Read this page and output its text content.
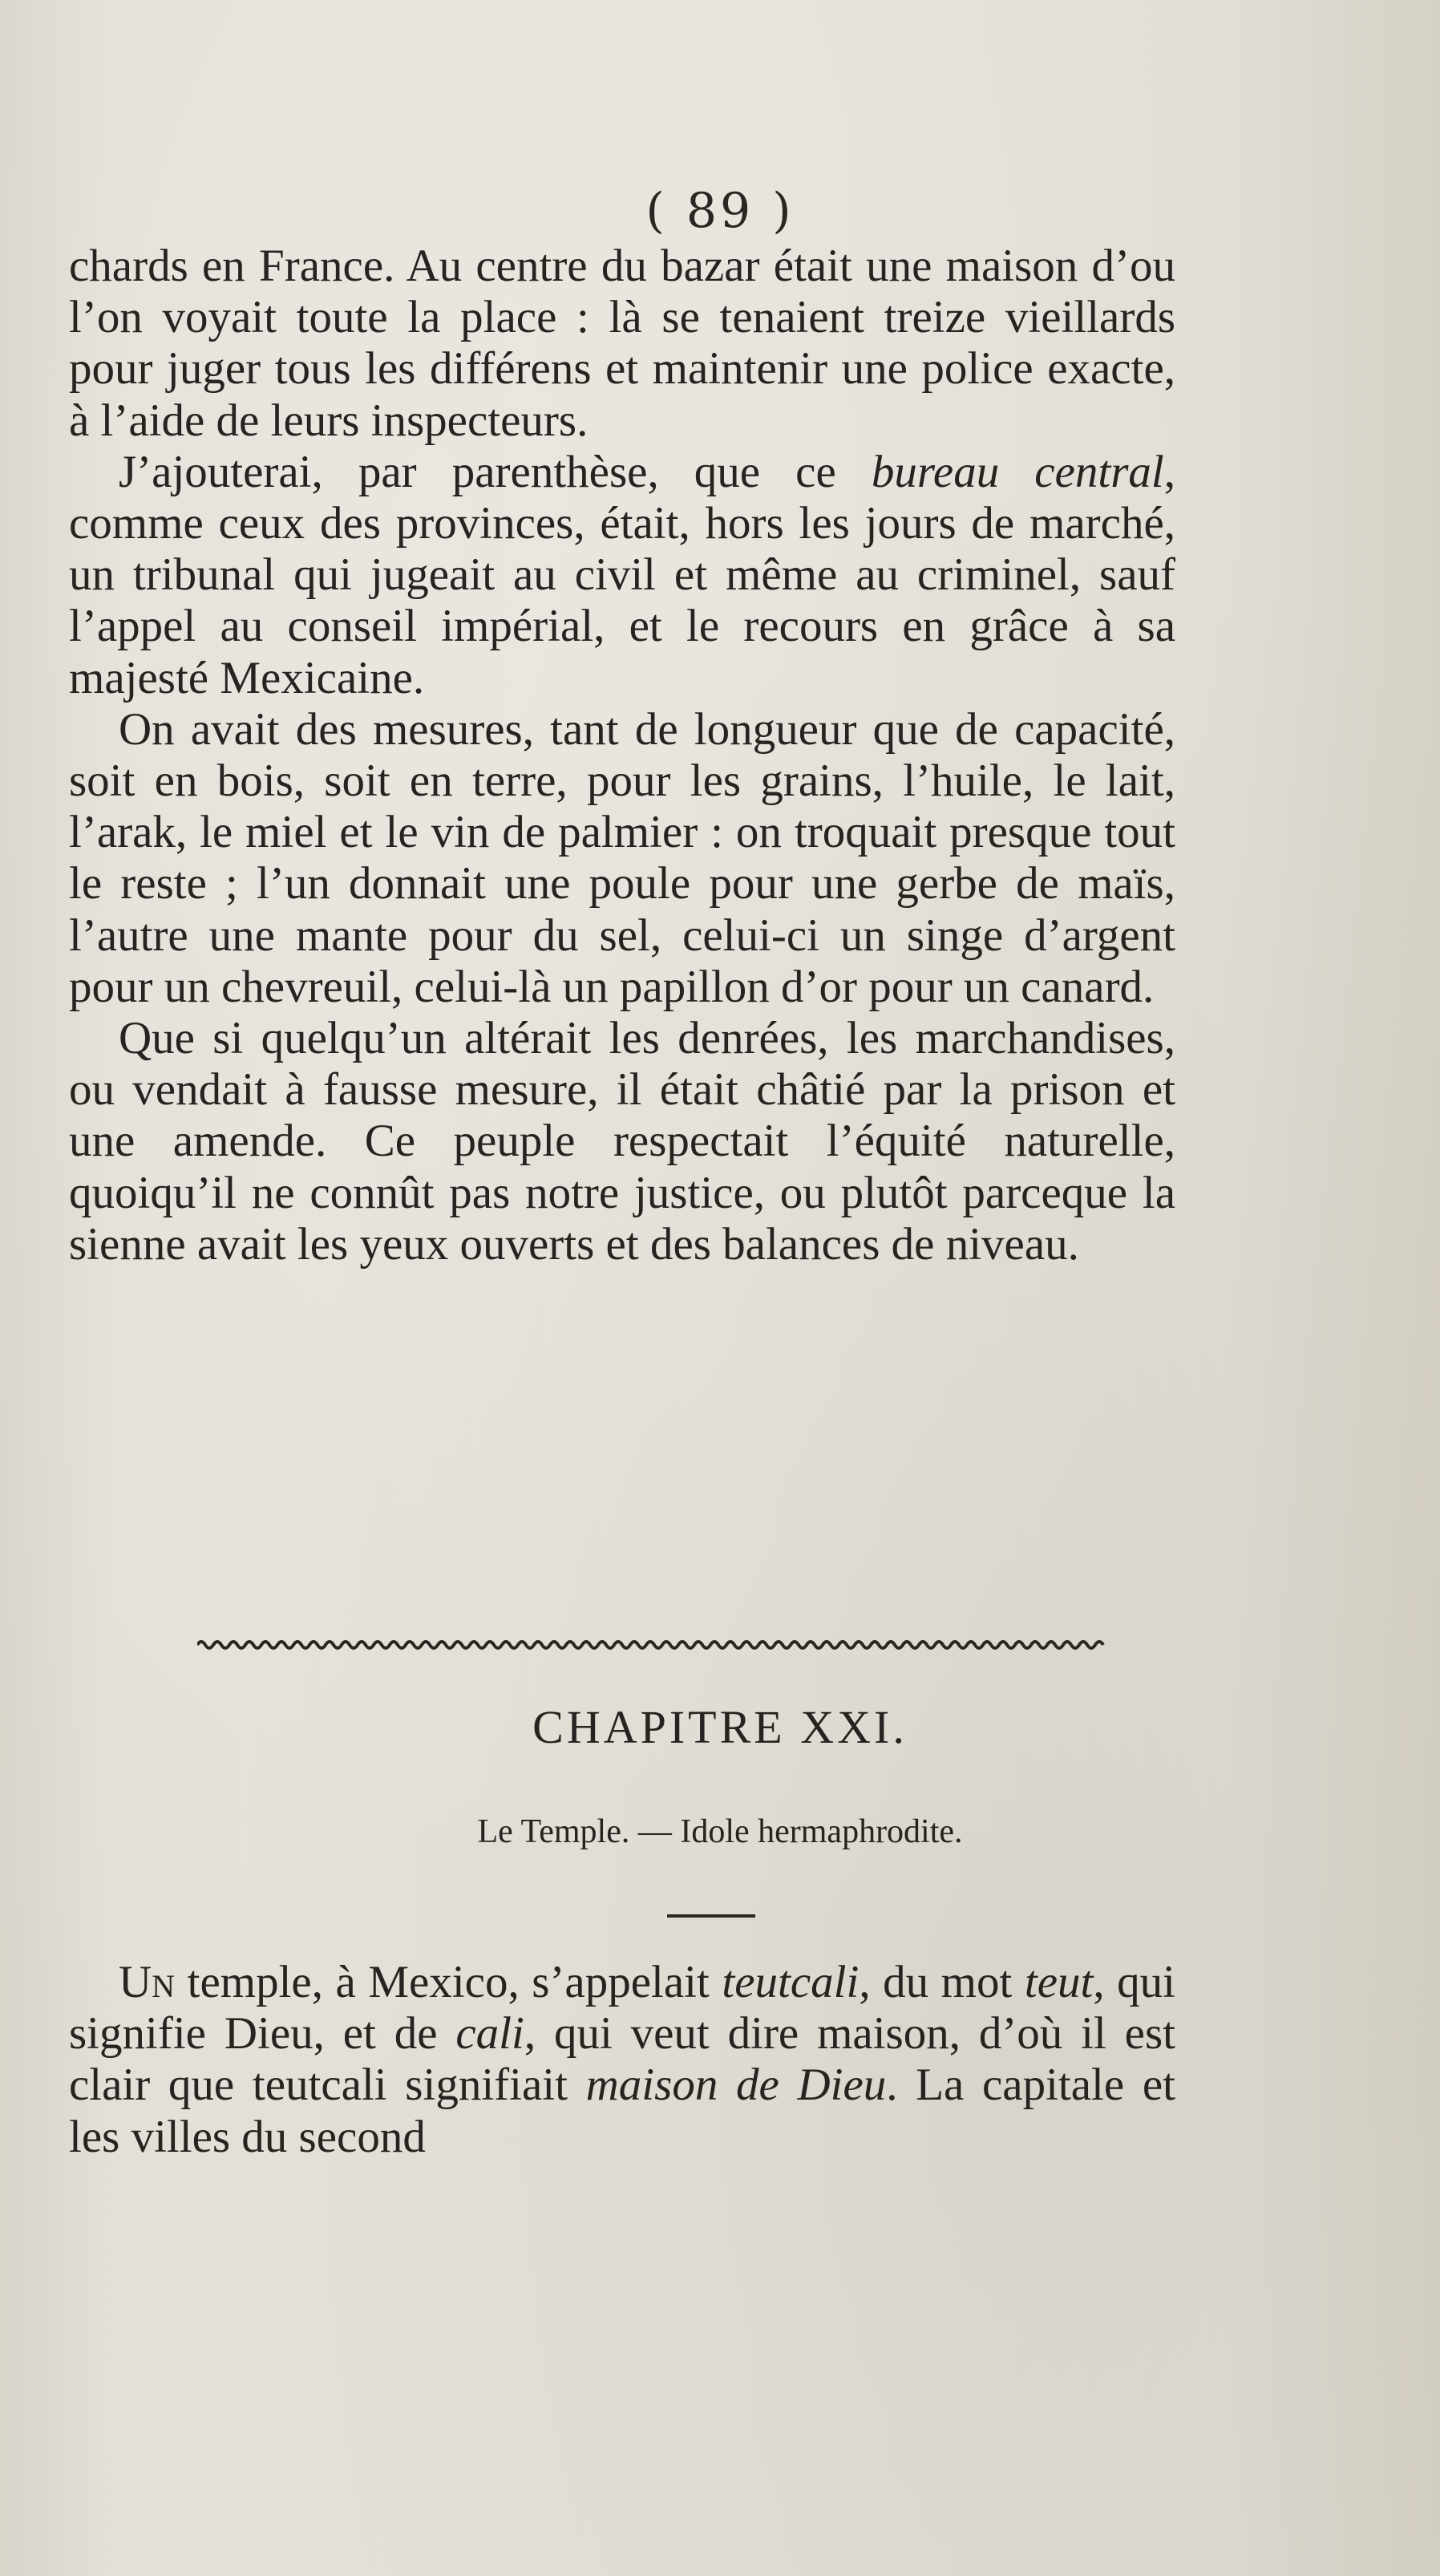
( 89 )

chards en France. Au centre du bazar était une maison d’ou l’on voyait toute la place : là se tenaient treize vieillards pour juger tous les différens et maintenir une police exacte, à l’aide de leurs inspecteurs.

J’ajouterai, par parenthèse, que ce bureau central, comme ceux des provinces, était, hors les jours de marché, un tribunal qui jugeait au civil et même au criminel, sauf l’appel au conseil impérial, et le recours en grâce à sa majesté Mexicaine.

On avait des mesures, tant de longueur que de capacité, soit en bois, soit en terre, pour les grains, l’huile, le lait, l’arak, le miel et le vin de palmier : on troquait presque tout le reste ; l’un donnait une poule pour une gerbe de maïs, l’autre une mante pour du sel, celui-ci un singe d’argent pour un chevreuil, celui-là un papillon d’or pour un canard.

Que si quelqu’un altérait les denrées, les marchandises, ou vendait à fausse mesure, il était châtié par la prison et une amende. Ce peuple respectait l’équité naturelle, quoiqu’il ne connût pas notre justice, ou plutôt parceque la sienne avait les yeux ouverts et des balances de niveau.

CHAPITRE XXI.
Le Temple. — Idole hermaphrodite.

Un temple, à Mexico, s’appelait teutcali, du mot teut, qui signifie Dieu, et de cali, qui veut dire maison, d’où il est clair que teutcali signifiait maison de Dieu. La capitale et les villes du second
